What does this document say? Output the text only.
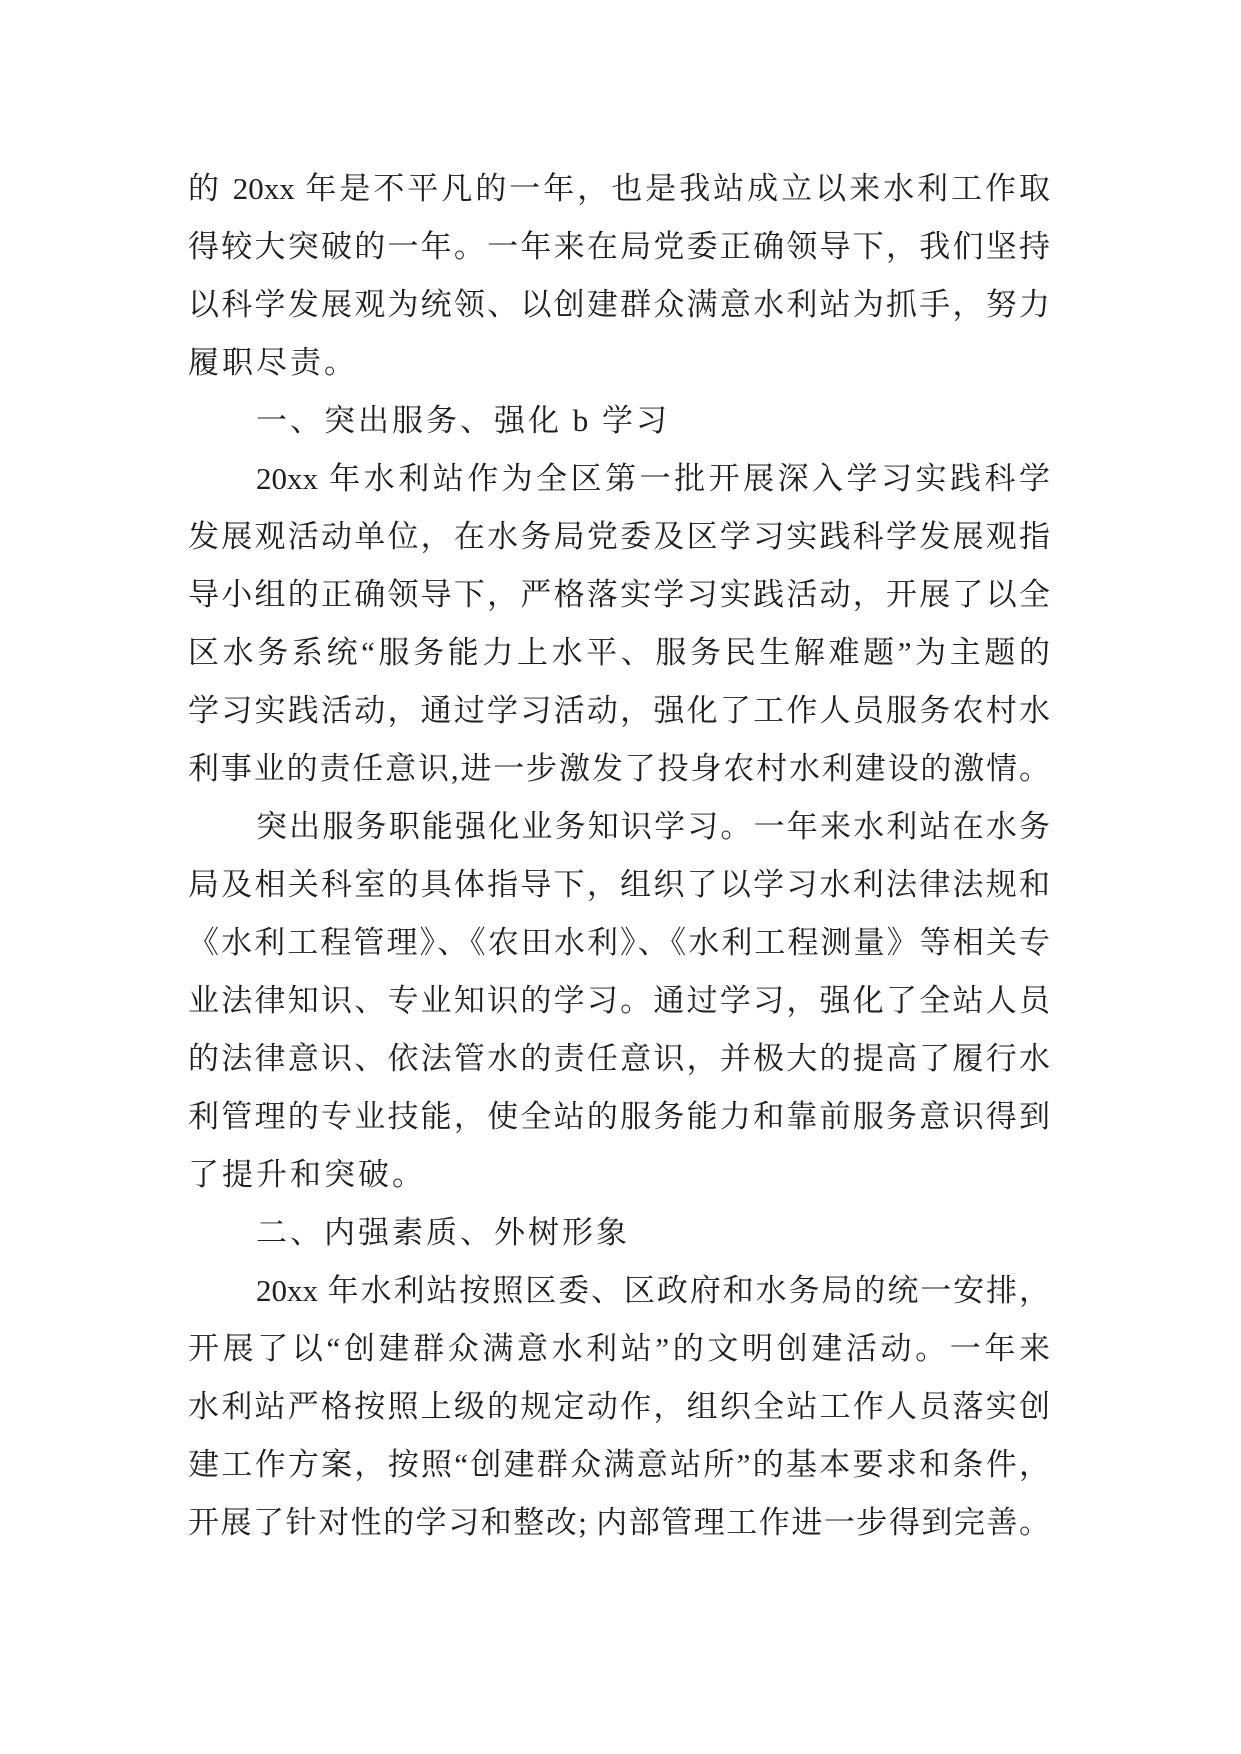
的 20xx 年是不平凡的一年，也是我站成立以来水利工作取
得较大突破的一年。一年来在局党委正确领导下，我们坚持
以科学发展观为统领、以创建群众满意水利站为抓手，努力
履职尽责。
一、突出服务、强化 b 学习
20xx 年水利站作为全区第一批开展深入学习实践科学
发展观活动单位，在水务局党委及区学习实践科学发展观指
导小组的正确领导下，严格落实学习实践活动，开展了以全
区水务系统“服务能力上水平、服务民生解难题”为主题的
学习实践活动，通过学习活动，强化了工作人员服务农村水
利事业的责任意识,进一步激发了投身农村水利建设的激情。
突出服务职能强化业务知识学习。一年来水利站在水务
局及相关科室的具体指导下，组织了以学习水利法律法规和
《水利工程管理》、《农田水利》、《水利工程测量》等相关专
业法律知识、专业知识的学习。通过学习，强化了全站人员
的法律意识、依法管水的责任意识，并极大的提高了履行水
利管理的专业技能，使全站的服务能力和靠前服务意识得到
了提升和突破。
二、内强素质、外树形象
20xx 年水利站按照区委、区政府和水务局的统一安排，
开展了以“创建群众满意水利站”的文明创建活动。一年来
水利站严格按照上级的规定动作，组织全站工作人员落实创
建工作方案，按照“创建群众满意站所”的基本要求和条件，
开展了针对性的学习和整改; 内部管理工作进一步得到完善。
